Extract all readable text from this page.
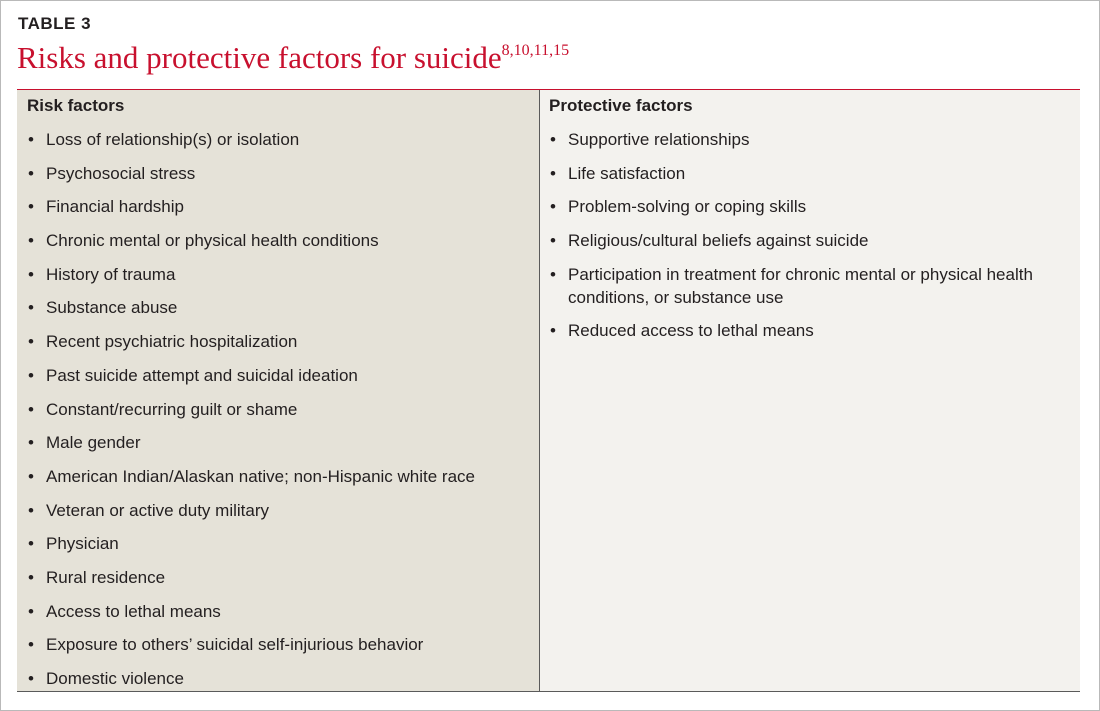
TABLE 3
Risks and protective factors for suicide$^{8,10,11,15}$
Risk factors
• Loss of relationship(s) or isolation
• Psychosocial stress
• Financial hardship
• Chronic mental or physical health conditions
• History of trauma
• Substance abuse
• Recent psychiatric hospitalization
• Past suicide attempt and suicidal ideation
• Constant/recurring guilt or shame
• Male gender
• American Indian/Alaskan native; non-Hispanic white race
• Veteran or active duty military
• Physician
• Rural residence
• Access to lethal means
• Exposure to others’ suicidal self-injurious behavior
• Domestic violence
Protective factors
• Supportive relationships
• Life satisfaction
• Problem-solving or coping skills
• Religious/cultural beliefs against suicide
• Participation in treatment for chronic mental or physical health conditions, or substance use
• Reduced access to lethal means
